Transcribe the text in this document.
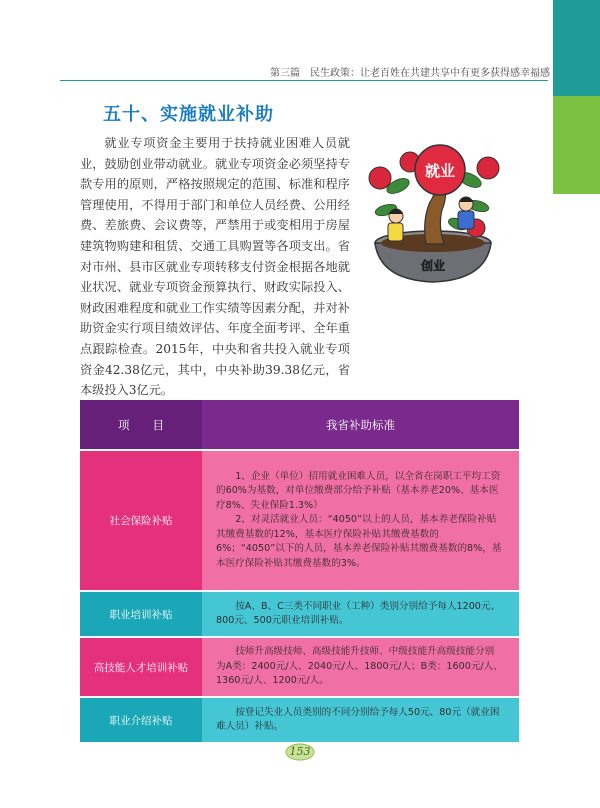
第三篇　民生政策：让老百姓在共建共享中有更多获得感幸福感
五十、实施就业补助
就业专项资金主要用于扶持就业困难人员就业，鼓励创业带动就业。就业专项资金必须坚持专款专用的原则，严格按照规定的范围、标准和程序管理使用，不得用于部门和单位人员经费、公用经费、差旅费、会议费等，严禁用于或变相用于房屋建筑物购建和租赁、交通工具购置等各项支出。省对市州、县市区就业专项转移支付资金根据各地就业状况、就业专项资金预算执行、财政实际投入、财政困难程度和就业工作实绩等因素分配，并对补助资金实行项目绩效评估、年度全面考评、全年重点跟踪检查。2015年，中央和省共投入就业专项资金42.38亿元，其中，中央补助39.38亿元，省本级投入3亿元。
创业
就业
项　　目	我省补助标准
社会保险补贴	1、企业（单位）招用就业困难人员，以全省在岗职工平均工资的60%为基数，对单位缴费部分给予补贴（基本养老20%、基本医疗8%、失业保险1.3%）
2、对灵活就业人员：“4050”以上的人员，基本养老保险补贴其缴费基数的12%，基本医疗保险补贴其缴费基数的6%；“4050”以下的人员，基本养老保险补贴其缴费基数的8%，基本医疗保险补贴其缴费基数的3%。

职业培训补贴	按A、B、C三类不同职业（工种）类别分别给予每人1200元、800元、500元职业培训补贴。

高技能人才培训补贴	技师升高级技师、高级技能升技师、中级技能升高级技能分别为A类：2400元/人、2040元/人、1800元/人；B类：1600元/人、1360元/人、1200元/人。

职业介绍补贴	按登记失业人员类别的不同分别给予每人50元、80元（就业困难人员）补贴。
153
